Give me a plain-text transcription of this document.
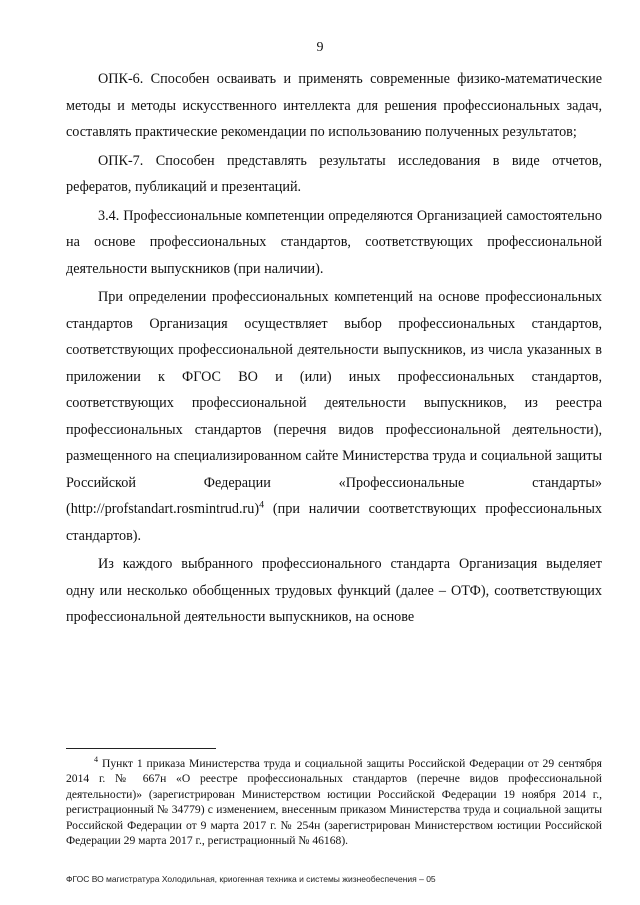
9

ОПК-6. Способен осваивать и применять современные физико-математические методы и методы искусственного интеллекта для решения профессиональных задач, составлять практические рекомендации по использованию полученных результатов;

ОПК-7. Способен представлять результаты исследования в виде отчетов, рефератов, публикаций и презентаций.

3.4. Профессиональные компетенции определяются Организацией самостоятельно на основе профессиональных стандартов, соответствующих профессиональной деятельности выпускников (при наличии).

При определении профессиональных компетенций на основе профессиональных стандартов Организация осуществляет выбор профессиональных стандартов, соответствующих профессиональной деятельности выпускников, из числа указанных в приложении к ФГОС ВО и (или) иных профессиональных стандартов, соответствующих профессиональной деятельности выпускников, из реестра профессиональных стандартов (перечня видов профессиональной деятельности), размещенного на специализированном сайте Министерства труда и социальной защиты Российской Федерации «Профессиональные стандарты» (http://profstandart.rosmintrud.ru)$^4$ (при наличии соответствующих профессиональных стандартов).

Из каждого выбранного профессионального стандарта Организация выделяет одну или несколько обобщенных трудовых функций (далее – ОТФ), соответствующих профессиональной деятельности выпускников, на основе

$^4$ Пункт 1 приказа Министерства труда и социальной защиты Российской Федерации от 29 сентября 2014 г. № 667н «О реестре профессиональных стандартов (перечне видов профессиональной деятельности)» (зарегистрирован Министерством юстиции Российской Федерации 19 ноября 2014 г., регистрационный № 34779) с изменением, внесенным приказом Министерства труда и социальной защиты Российской Федерации от 9 марта 2017 г. № 254н (зарегистрирован Министерством юстиции Российской Федерации 29 марта 2017 г., регистрационный № 46168).

ФГОС ВО магистратура Холодильная, криогенная техника и системы жизнеобеспечения – 05
